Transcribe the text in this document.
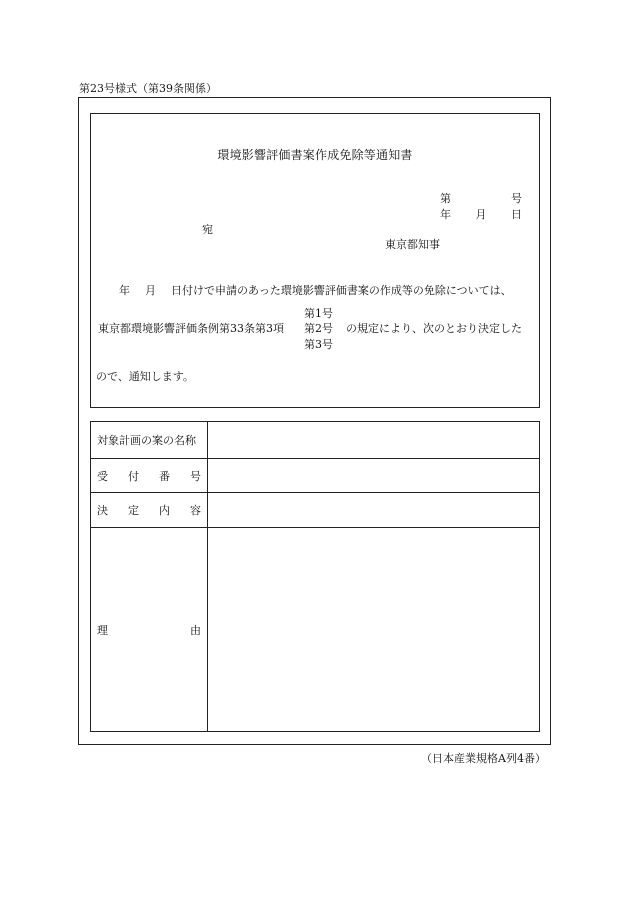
第23号様式（第39条関係）
環境影響評価書案作成免除等通知書
第	号
年 月 日
宛
東京都知事
年 月 日付けで申請のあった環境影響評価書案の作成等の免除については、
第1号
東京都環境影響評価条例第33条第3項 第2号 の規定により、次のとおり決定した
第3号
ので、通知します。
対象計画の案の名称
受 付 番 号
決 定 内 容
理	由
（日本産業規格A列4番）
